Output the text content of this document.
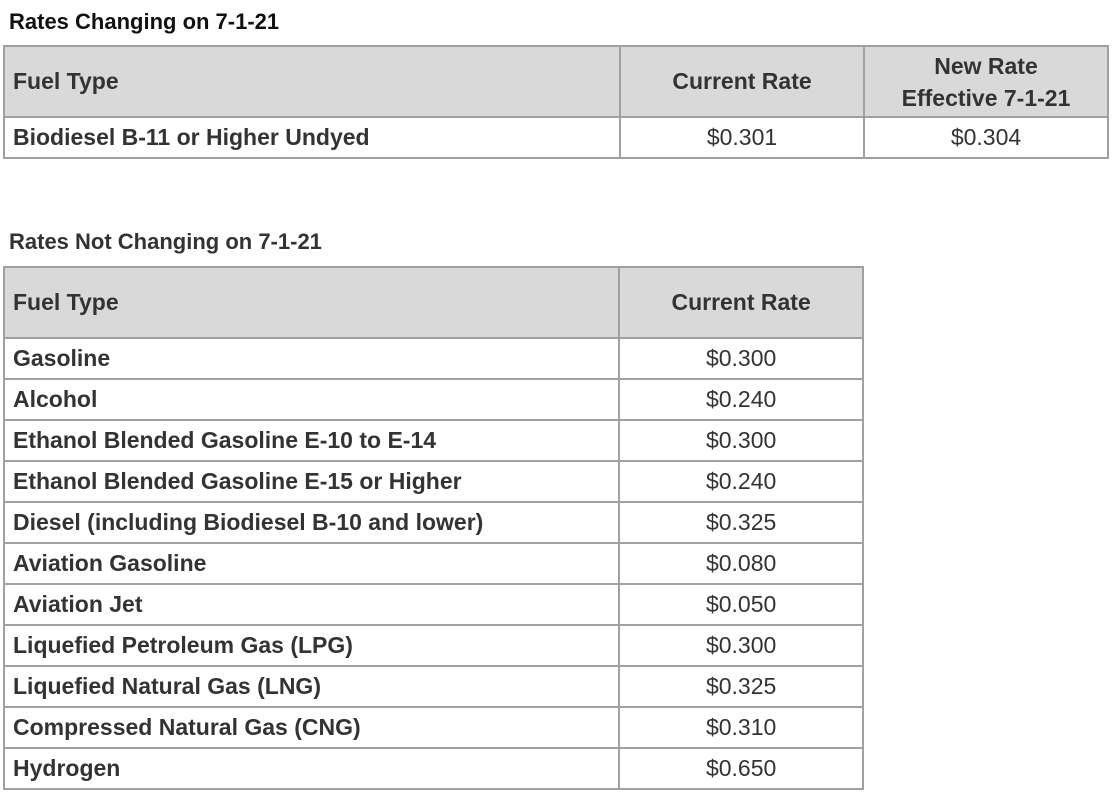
Rates Changing on 7-1-21
Fuel Type	Current Rate	New Rate
Effective 7-1-21
Biodiesel B-11 or Higher Undyed	$0.301	$0.304
Rates Not Changing on 7-1-21
Fuel Type	Current Rate
Gasoline	$0.300
Alcohol	$0.240
Ethanol Blended Gasoline E-10 to E-14	$0.300
Ethanol Blended Gasoline E-15 or Higher	$0.240
Diesel (including Biodiesel B-10 and lower)	$0.325
Aviation Gasoline	$0.080
Aviation Jet	$0.050
Liquefied Petroleum Gas (LPG)	$0.300
Liquefied Natural Gas (LNG)	$0.325
Compressed Natural Gas (CNG)	$0.310
Hydrogen	$0.650
